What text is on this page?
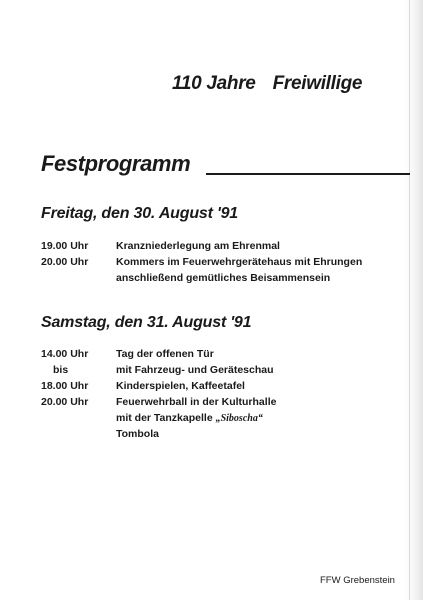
110 Jahre Freiwillige
Festprogramm
Freitag, den 30. August '91
19.00 Uhr	Kranzniederlegung am Ehrenmal
20.00 Uhr	Kommers im Feuerwehrgerätehaus mit Ehrungen
anschließend gemütliches Beisammensein
Samstag, den 31. August '91
14.00 Uhr	Tag der offenen Tür
bis	mit Fahrzeug- und Geräteschau
18.00 Uhr	Kinderspielen, Kaffeetafel
20.00 Uhr	Feuerwehrball in der Kulturhalle
mit der Tanzkapelle „Siboscha“
Tombola
FFW Grebenstein
